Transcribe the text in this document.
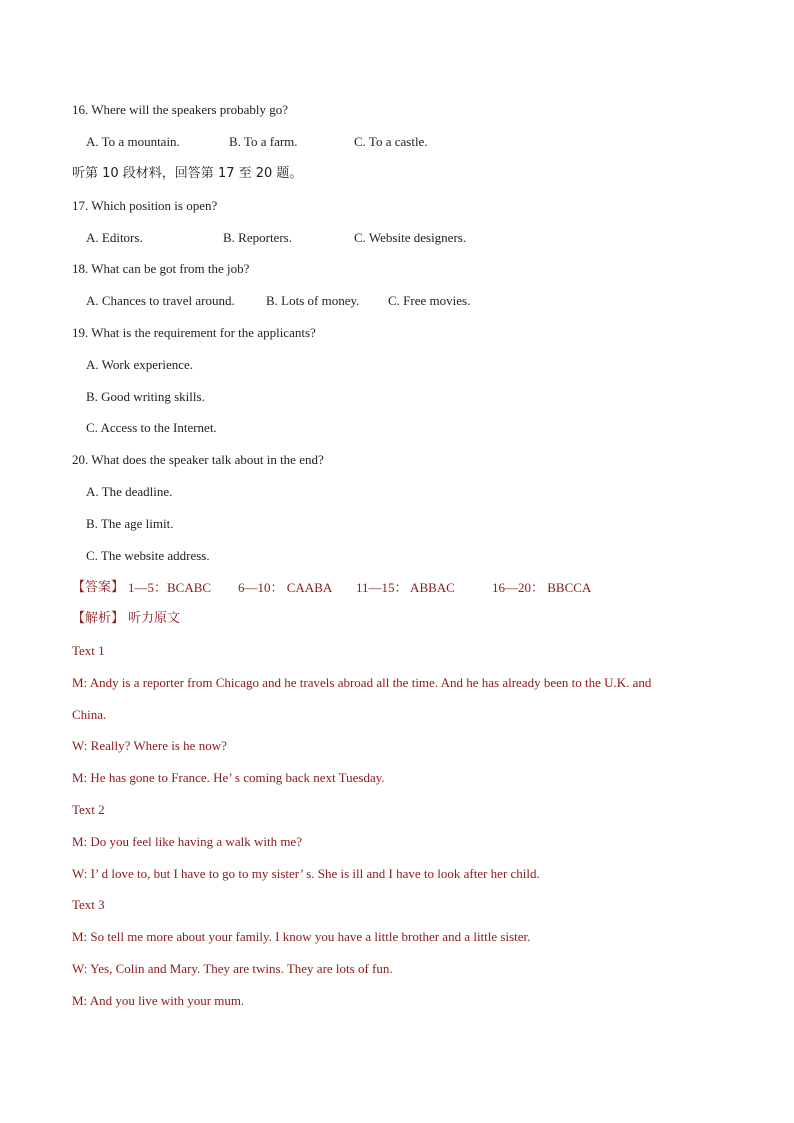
16. Where will the speakers probably go?
A. To a mountain.	B. To a farm.	C. To a castle.
听第 10 段材料，回答第 17 至 20 题。
17. Which position is open?
A. Editors.	B. Reporters.	C. Website designers.
18. What can be got from the job?
A. Chances to travel around. B. Lots of money. C. Free movies.
19. What is the requirement for the applicants?
A. Work experience.
B. Good writing skills.
C. Access to the Internet.
20. What does the speaker talk about in the end?
A. The deadline.
B. The age limit.
C. The website address.
【答案】 1—5：BCABC 6—10： CAABA 11—15： ABBAC	16—20： BBCCA
【解析】 听力原文
Text 1
M: Andy is a reporter from Chicago and he travels abroad all the time. And he has already been to the U.K. and
China.
W: Really? Where is he now?
M: He has gone to France. He’ s coming back next Tuesday.
Text 2
M: Do you feel like having a walk with me?
W: I’ d love to, but I have to go to my sister’ s. She is ill and I have to look after her child.
Text 3
M: So tell me more about your family. I know you have a little brother and a little sister.
W: Yes, Colin and Mary. They are twins. They are lots of fun.
M: And you live with your mum.
